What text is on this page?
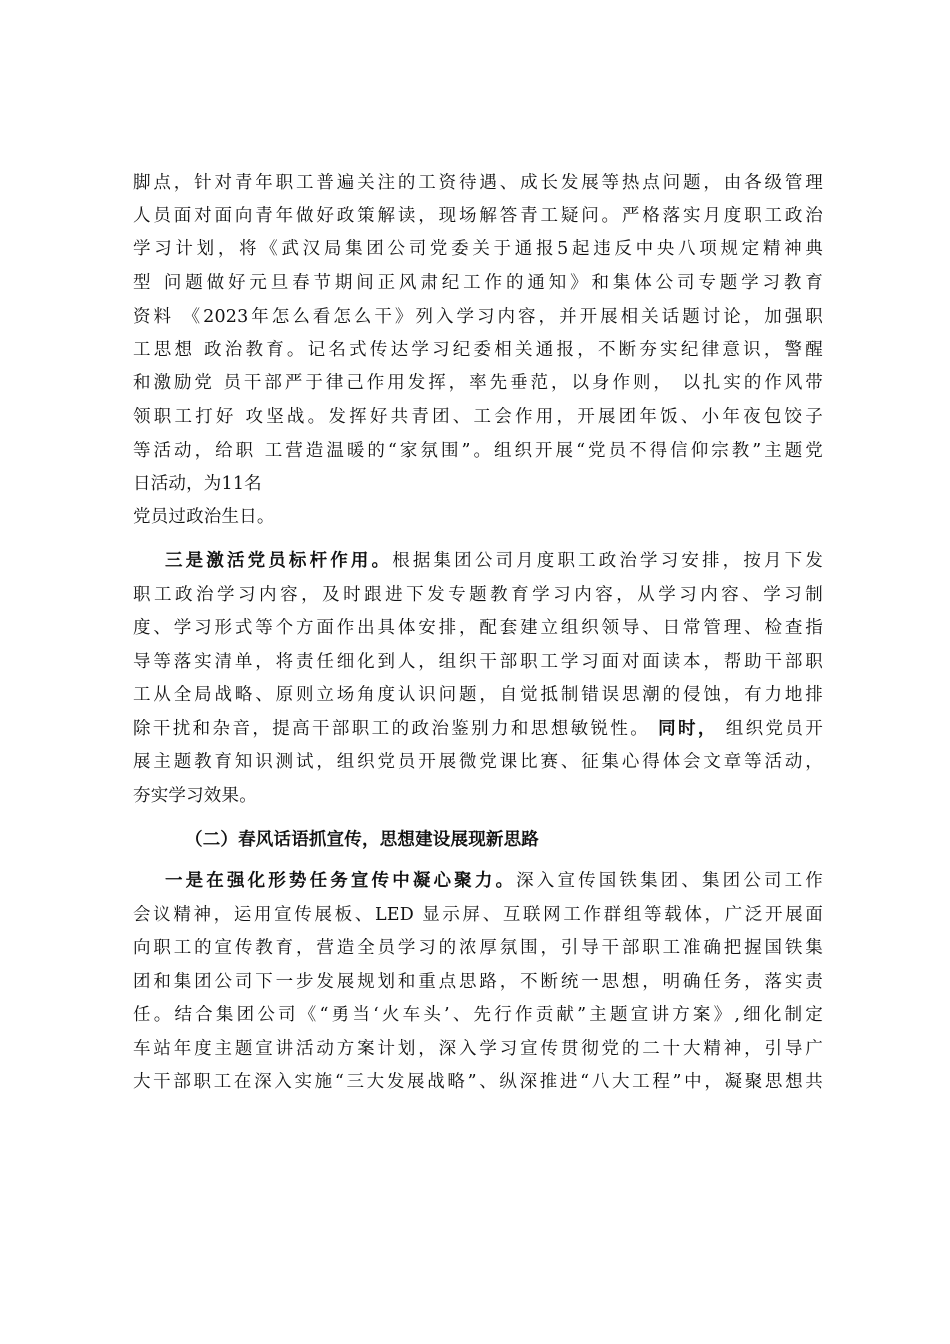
脚点，针对青年职工普遍关注的工资待遇、成长发展等热点问题，由各级管理
人员面对面向青年做好政策解读，现场解答青工疑问。严格落实月度职工政治
学习计划，将《武汉局集团公司党委关于通报5起违反中央八项规定精神典
型 问题做好元旦春节期间正风肃纪工作的通知》和集体公司专题学习教育
资料 《2023年怎么看怎么干》列入学习内容，并开展相关话题讨论，加强职
工思想 政治教育。记名式传达学习纪委相关通报，不断夯实纪律意识，警醒
和激励党 员干部严于律己作用发挥，率先垂范，以身作则， 以扎实的作风带
领职工打好 攻坚战。发挥好共青团、工会作用，开展团年饭、小年夜包饺子
等活动，给职 工营造温暖的“家氛围”。组织开展“党员不得信仰宗教”主题党
日活动，为11名
党员过政治生日。
三是激活党员标杆作用。根据集团公司月度职工政治学习安排，按月下发
职工政治学习内容，及时跟进下发专题教育学习内容，从学习内容、学习制
度、学习形式等个方面作出具体安排，配套建立组织领导、日常管理、检查指
导等落实清单，将责任细化到人，组织干部职工学习面对面读本，帮助干部职
工从全局战略、原则立场角度认识问题，自觉抵制错误思潮的侵蚀，有力地排
除干扰和杂音，提高干部职工的政治鉴别力和思想敏锐性。 同时， 组织党员开
展主题教育知识测试，组织党员开展微党课比赛、征集心得体会文章等活动，
夯实学习效果。
（二）春风话语抓宣传，思想建设展现新思路
一是在强化形势任务宣传中凝心聚力。深入宣传国铁集团、集团公司工作
会议精神，运用宣传展板、LED 显示屏、互联网工作群组等载体，广泛开展面
向职工的宣传教育，营造全员学习的浓厚氛围，引导干部职工准确把握国铁集
团和集团公司下一步发展规划和重点思路，不断统一思想，明确任务，落实责
任。结合集团公司《“勇当‘火车头’、先行作贡献”主题宣讲方案》,细化制定
车站年度主题宣讲活动方案计划，深入学习宣传贯彻党的二十大精神，引导广
大干部职工在深入实施“三大发展战略”、纵深推进“八大工程”中，凝聚思想共
